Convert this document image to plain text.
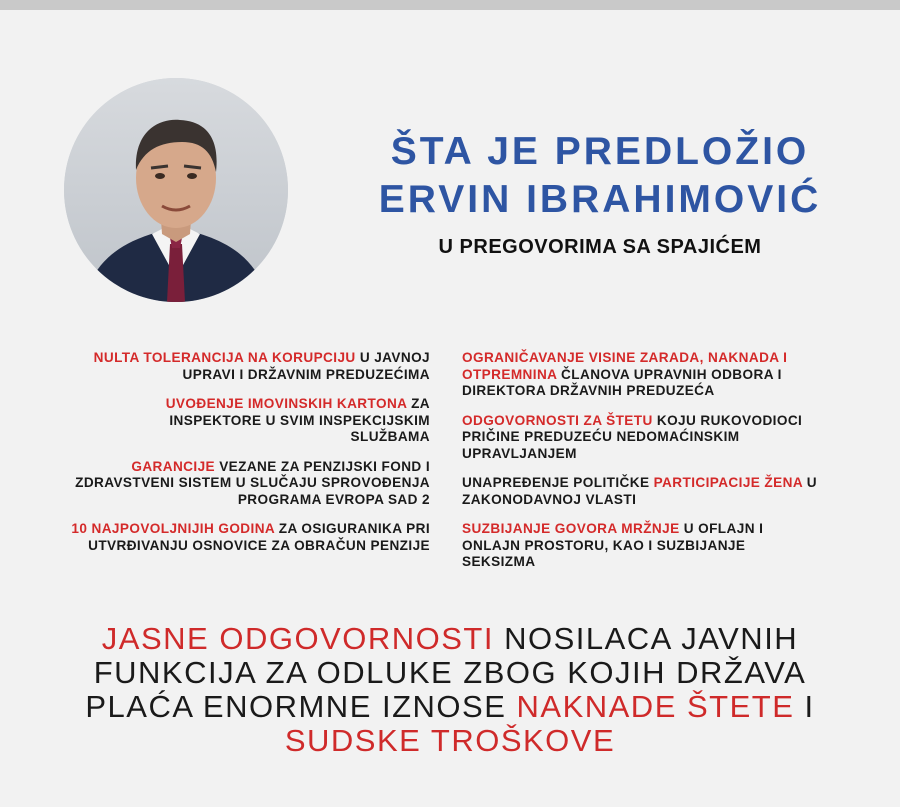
ŠTA JE PREDLOŽIO
ERVIN IBRAHIMOVIĆ
U PREGOVORIMA SA SPAJIĆEM
NULTA TOLERANCIJA NA KORUPCIJU U JAVNOJ UPRAVI I DRŽAVNIM PREDUZEĆIMA
UVOĐENJE IMOVINSKIH KARTONA ZA INSPEKTORE U SVIM INSPEKCIJSKIM SLUŽBAMA
GARANCIJE VEZANE ZA PENZIJSKI FOND I ZDRAVSTVENI SISTEM U SLUČAJU SPROVOĐENJA PROGRAMA EVROPA SAD 2
10 NAJPOVOLJNIJIH GODINA ZA OSIGURANIKA PRI UTVRĐIVANJU OSNOVICE ZA OBRAČUN PENZIJE
OGRANIČAVANJE VISINE ZARADA, NAKNADA I OTPREMNINA ČLANOVA UPRAVNIH ODBORA I DIREKTORA DRŽAVNIH PREDUZEĆA
ODGOVORNOSTI ZA ŠTETU KOJU RUKOVODIOCI PRIČINE PREDUZEĆU NEDOMAĆINSKIM UPRAVLJANJEM
UNAPREĐENJE POLITIČKE PARTICIPACIJE ŽENA U ZAKONODAVNOJ VLASTI
SUZBIJANJE GOVORA MRŽNJE U OFLAJN I ONLAJN PROSTORU, KAO I SUZBIJANJE SEKSIZMA
JASNE ODGOVORNOSTI NOSILACA JAVNIH FUNKCIJA ZA ODLUKE ZBOG KOJIH DRŽAVA PLAĆA ENORMNE IZNOSE NAKNADE ŠTETE I SUDSKE TROŠKOVE
